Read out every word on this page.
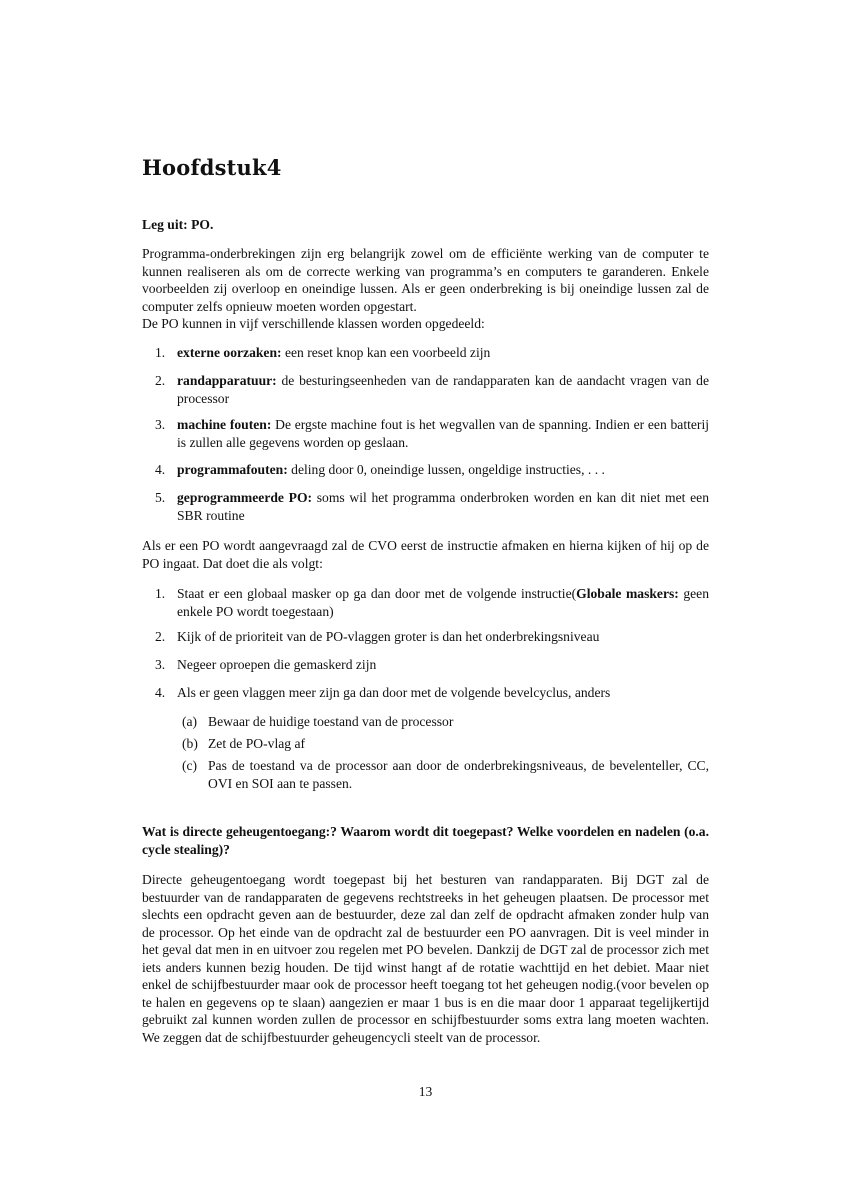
Hoofdstuk4
Leg uit: PO.
Programma-onderbrekingen zijn erg belangrijk zowel om de efficiënte werking van de computer te kunnen realiseren als om de correcte werking van programma’s en computers te garanderen. Enkele voorbeelden zij overloop en oneindige lussen. Als er geen onderbreking is bij oneindige lussen zal de computer zelfs opnieuw moeten worden opgestart.
De PO kunnen in vijf verschillende klassen worden opgedeeld:
1. externe oorzaken: een reset knop kan een voorbeeld zijn
2. randapparatuur: de besturingseenheden van de randapparaten kan de aandacht vragen van de processor
3. machine fouten: De ergste machine fout is het wegvallen van de spanning. Indien er een batterij is zullen alle gegevens worden op geslaan.
4. programmafouten: deling door 0, oneindige lussen, ongeldige instructies, . . .
5. geprogrammeerde PO: soms wil het programma onderbroken worden en kan dit niet met een SBR routine
Als er een PO wordt aangevraagd zal de CVO eerst de instructie afmaken en hierna kijken of hij op de PO ingaat. Dat doet die als volgt:
1. Staat er een globaal masker op ga dan door met de volgende instructie(Globale maskers: geen enkele PO wordt toegestaan)
2. Kijk of de prioriteit van de PO-vlaggen groter is dan het onderbrekingsniveau
3. Negeer oproepen die gemaskerd zijn
4. Als er geen vlaggen meer zijn ga dan door met de volgende bevelcyclus, anders
(a) Bewaar de huidige toestand van de processor
(b) Zet de PO-vlag af
(c) Pas de toestand va de processor aan door de onderbrekingsniveaus, de bevelenteller, CC, OVI en SOI aan te passen.
Wat is directe geheugentoegang:? Waarom wordt dit toegepast? Welke voordelen en nadelen (o.a. cycle stealing)?
Directe geheugentoegang wordt toegepast bij het besturen van randapparaten. Bij DGT zal de bestuurder van de randapparaten de gegevens rechtstreeks in het geheugen plaatsen. De processor met slechts een opdracht geven aan de bestuurder, deze zal dan zelf de opdracht afmaken zonder hulp van de processor. Op het einde van de opdracht zal de bestuurder een PO aanvragen. Dit is veel minder in het geval dat men in en uitvoer zou regelen met PO bevelen. Dankzij de DGT zal de processor zich met iets anders kunnen bezig houden. De tijd winst hangt af de rotatie wachttijd en het debiet. Maar niet enkel de schijfbestuurder maar ook de processor heeft toegang tot het geheugen nodig.(voor bevelen op te halen en gegevens op te slaan) aangezien er maar 1 bus is en die maar door 1 apparaat tegelijkertijd gebruikt zal kunnen worden zullen de processor en schijfbestuurder soms extra lang moeten wachten. We zeggen dat de schijfbestuurder geheugencycli steelt van de processor.
13
